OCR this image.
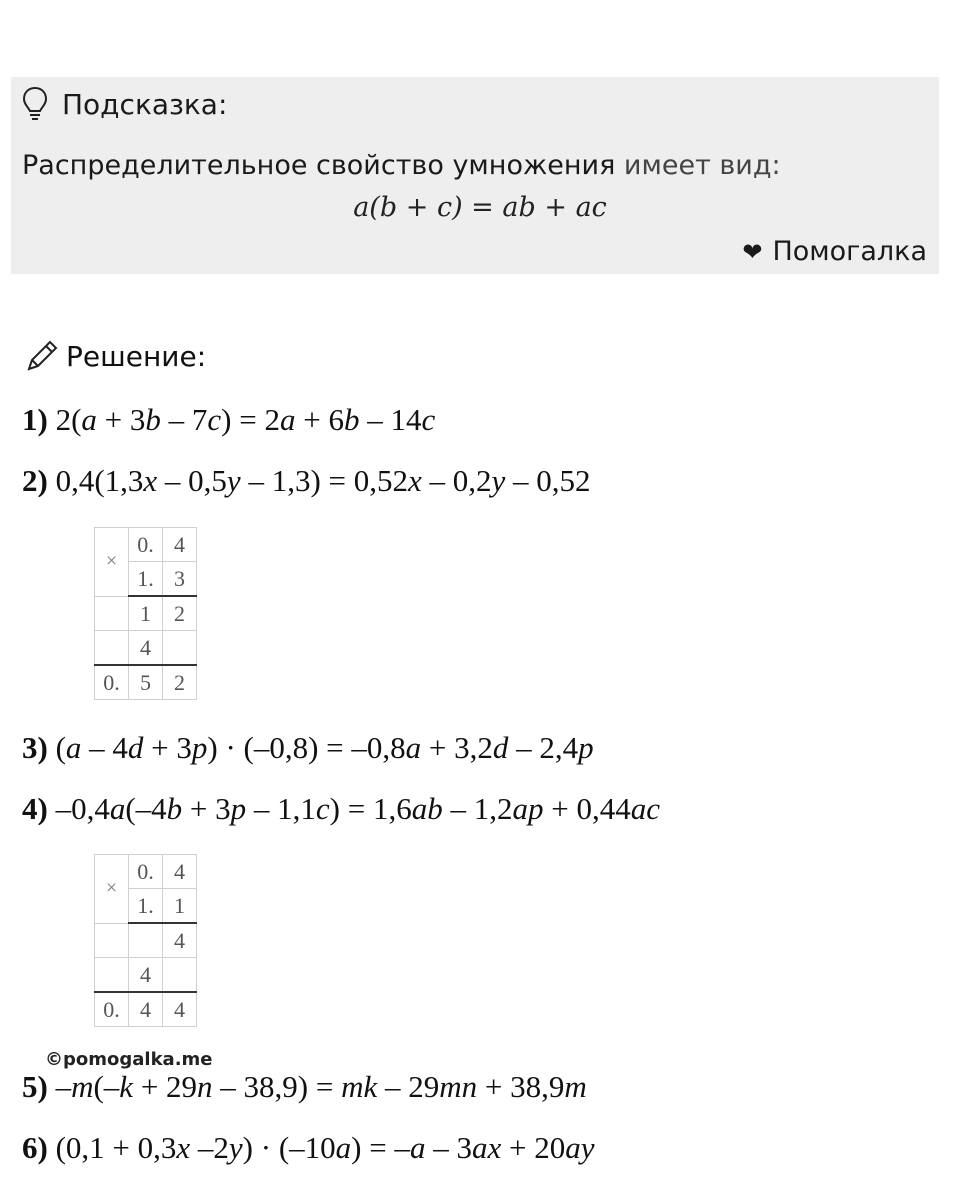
Подсказка:
Распределительное свойство умножения имеет вид:
a(b + c) = ab + ac
❤ Помогалка
Решение:
1) 2(a + 3b – 7c) = 2a + 6b – 14c
2) 0,4(1,3x – 0,5y – 1,3) = 0,52x – 0,2y – 0,52
×	0.	4
	1.	3
	1	2
	4	
0.	5	2
3) (a – 4d + 3p) · (–0,8) = –0,8a + 3,2d – 2,4p
4) –0,4a(–4b + 3p – 1,1c) = 1,6ab – 1,2ap + 0,44ac
×	0.	4
	1.	1
		4
	4	
0.	4	4
©pomogalka.me
5) –m(–k + 29n – 38,9) = mk – 29mn + 38,9m
6) (0,1 + 0,3x –2y) · (–10a) = –a – 3ax + 20ay
